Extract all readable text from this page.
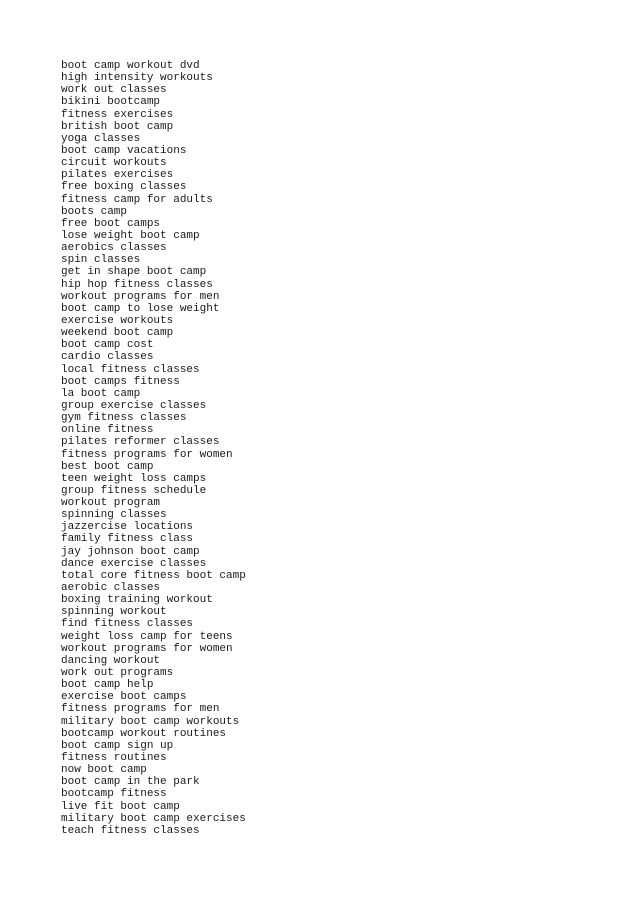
boot camp workout dvd
high intensity workouts
work out classes
bikini bootcamp
fitness exercises
british boot camp
yoga classes
boot camp vacations
circuit workouts
pilates exercises
free boxing classes
fitness camp for adults
boots camp
free boot camps
lose weight boot camp
aerobics classes
spin classes
get in shape boot camp
hip hop fitness classes
workout programs for men
boot camp to lose weight
exercise workouts
weekend boot camp
boot camp cost
cardio classes
local fitness classes
boot camps fitness
la boot camp
group exercise classes
gym fitness classes
online fitness
pilates reformer classes
fitness programs for women
best boot camp
teen weight loss camps
group fitness schedule
workout program
spinning classes
jazzercise locations
family fitness class
jay johnson boot camp
dance exercise classes
total core fitness boot camp
aerobic classes
boxing training workout
spinning workout
find fitness classes
weight loss camp for teens
workout programs for women
dancing workout
work out programs
boot camp help
exercise boot camps
fitness programs for men
military boot camp workouts
bootcamp workout routines
boot camp sign up
fitness routines
now boot camp
boot camp in the park
bootcamp fitness
live fit boot camp
military boot camp exercises
teach fitness classes
